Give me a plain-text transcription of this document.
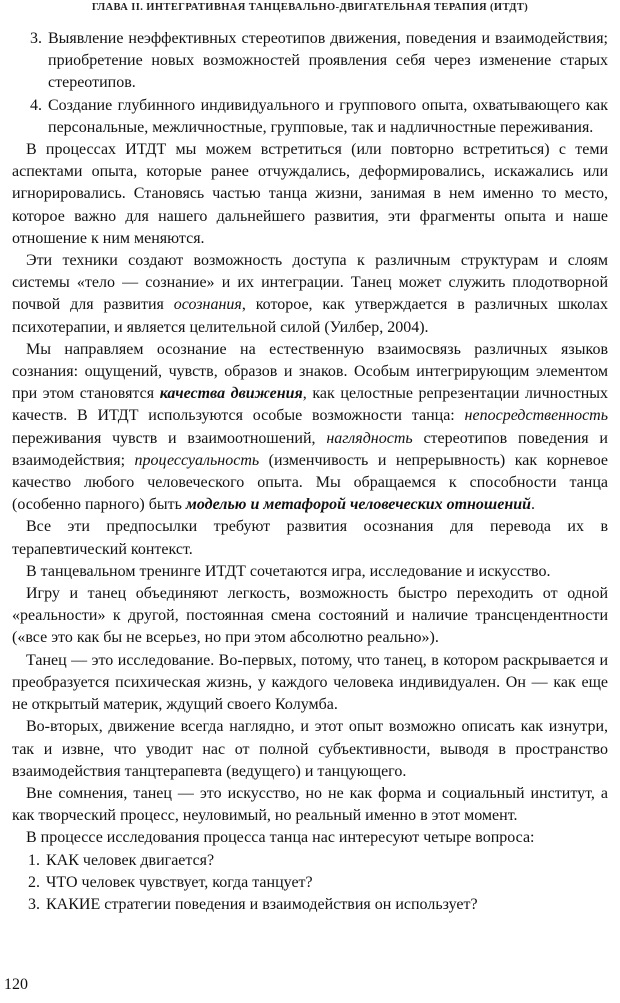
ГЛАВА II. ИНТЕГРАТИВНАЯ ТАНЦЕВАЛЬНО-ДВИГАТЕЛЬНАЯ ТЕРАПИЯ (ИТДТ)
3. Выявление неэффективных стереотипов движения, поведения и взаимодействия; приобретение новых возможностей проявления себя через изменение старых стереотипов.
4. Создание глубинного индивидуального и группового опыта, охватывающего как персональные, межличностные, групповые, так и надличностные переживания.

В процессах ИТДТ мы можем встретиться (или повторно встретиться) с теми аспектами опыта, которые ранее отчуждались, деформировались, искажались или игнорировались. Становясь частью танца жизни, занимая в нем именно то место, которое важно для нашего дальнейшего развития, эти фрагменты опыта и наше отношение к ним меняются.

Эти техники создают возможность доступа к различным структурам и слоям системы «тело — сознание» и их интеграции. Танец может служить плодотворной почвой для развития осознания, которое, как утверждается в различных школах психотерапии, и является целительной силой (Уилбер, 2004).

Мы направляем осознание на естественную взаимосвязь различных языков сознания: ощущений, чувств, образов и знаков. Особым интегрирующим элементом при этом становятся качества движения, как целостные репрезентации личностных качеств. В ИТДТ используются особые возможности танца: непосредственность переживания чувств и взаимоотношений, наглядность стереотипов поведения и взаимодействия; процессуальность (изменчивость и непрерывность) как корневое качество любого человеческого опыта. Мы обращаемся к способности танца (особенно парного) быть моделью и метафорой человеческих отношений.

Все эти предпосылки требуют развития осознания для перевода их в терапевтический контекст.

В танцевальном тренинге ИТДТ сочетаются игра, исследование и искусство.

Игру и танец объединяют легкость, возможность быстро переходить от одной «реальности» к другой, постоянная смена состояний и наличие трансцендентности («все это как бы не всерьез, но при этом абсолютно реально»).

Танец — это исследование. Во-первых, потому, что танец, в котором раскрывается и преобразуется психическая жизнь, у каждого человека индивидуален. Он — как еще не открытый материк, ждущий своего Колумба.

Во-вторых, движение всегда наглядно, и этот опыт возможно описать как изнутри, так и извне, что уводит нас от полной субъективности, выводя в пространство взаимодействия танцтерапевта (ведущего) и танцующего.

Вне сомнения, танец — это искусство, но не как форма и социальный институт, а как творческий процесс, неуловимый, но реальный именно в этот момент.

В процессе исследования процесса танца нас интересуют четыре вопроса:

1. КАК человек двигается?
2. ЧТО человек чувствует, когда танцует?
3. КАКИЕ стратегии поведения и взаимодействия он использует?
120
